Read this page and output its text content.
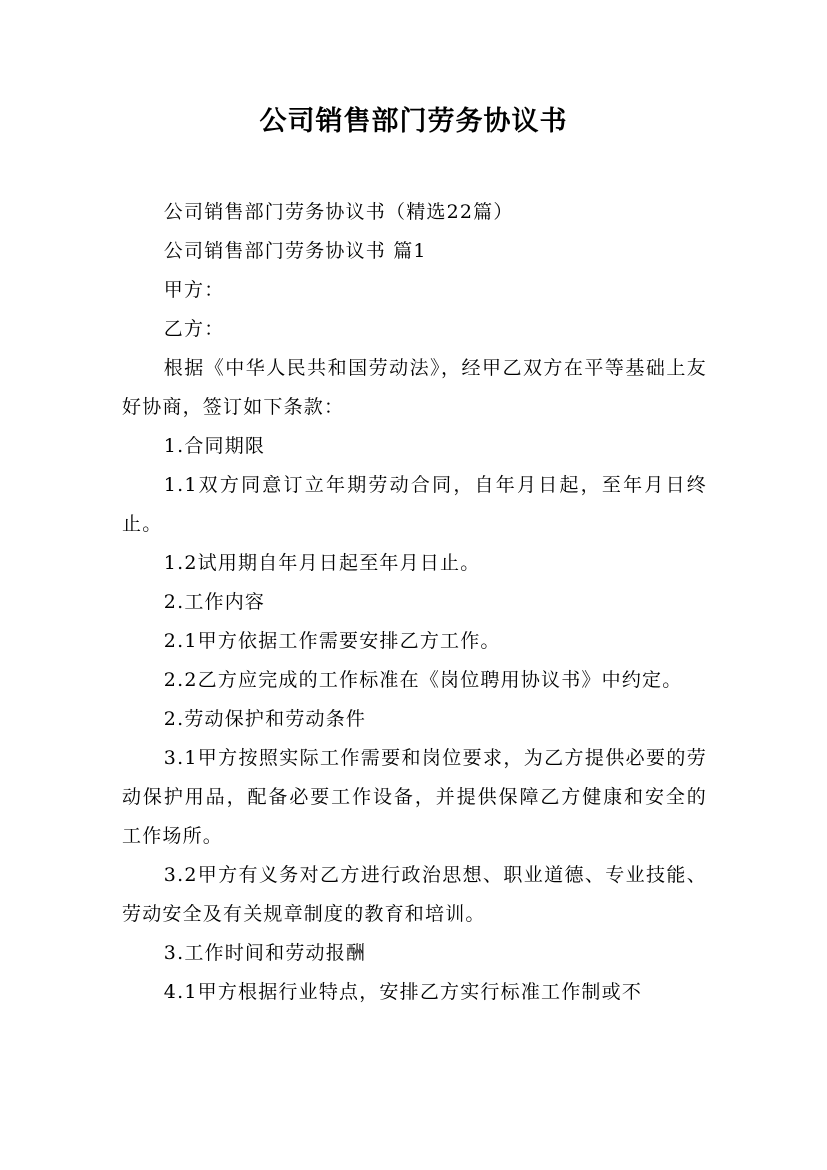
公司销售部门劳务协议书

公司销售部门劳务协议书（精选22篇）

公司销售部门劳务协议书 篇1

甲方：

乙方：

根据《中华人民共和国劳动法》，经甲乙双方在平等基础上友好协商，签订如下条款：

1.合同期限

1.1双方同意订立年期劳动合同，自年月日起，至年月日终止。

1.2试用期自年月日起至年月日止。

2.工作内容

2.1甲方依据工作需要安排乙方工作。

2.2乙方应完成的工作标准在《岗位聘用协议书》中约定。

2.劳动保护和劳动条件

3.1甲方按照实际工作需要和岗位要求，为乙方提供必要的劳动保护用品，配备必要工作设备，并提供保障乙方健康和安全的工作场所。

3.2甲方有义务对乙方进行政治思想、职业道德、专业技能、劳动安全及有关规章制度的教育和培训。

3.工作时间和劳动报酬

4.1甲方根据行业特点，安排乙方实行标准工作制或不
